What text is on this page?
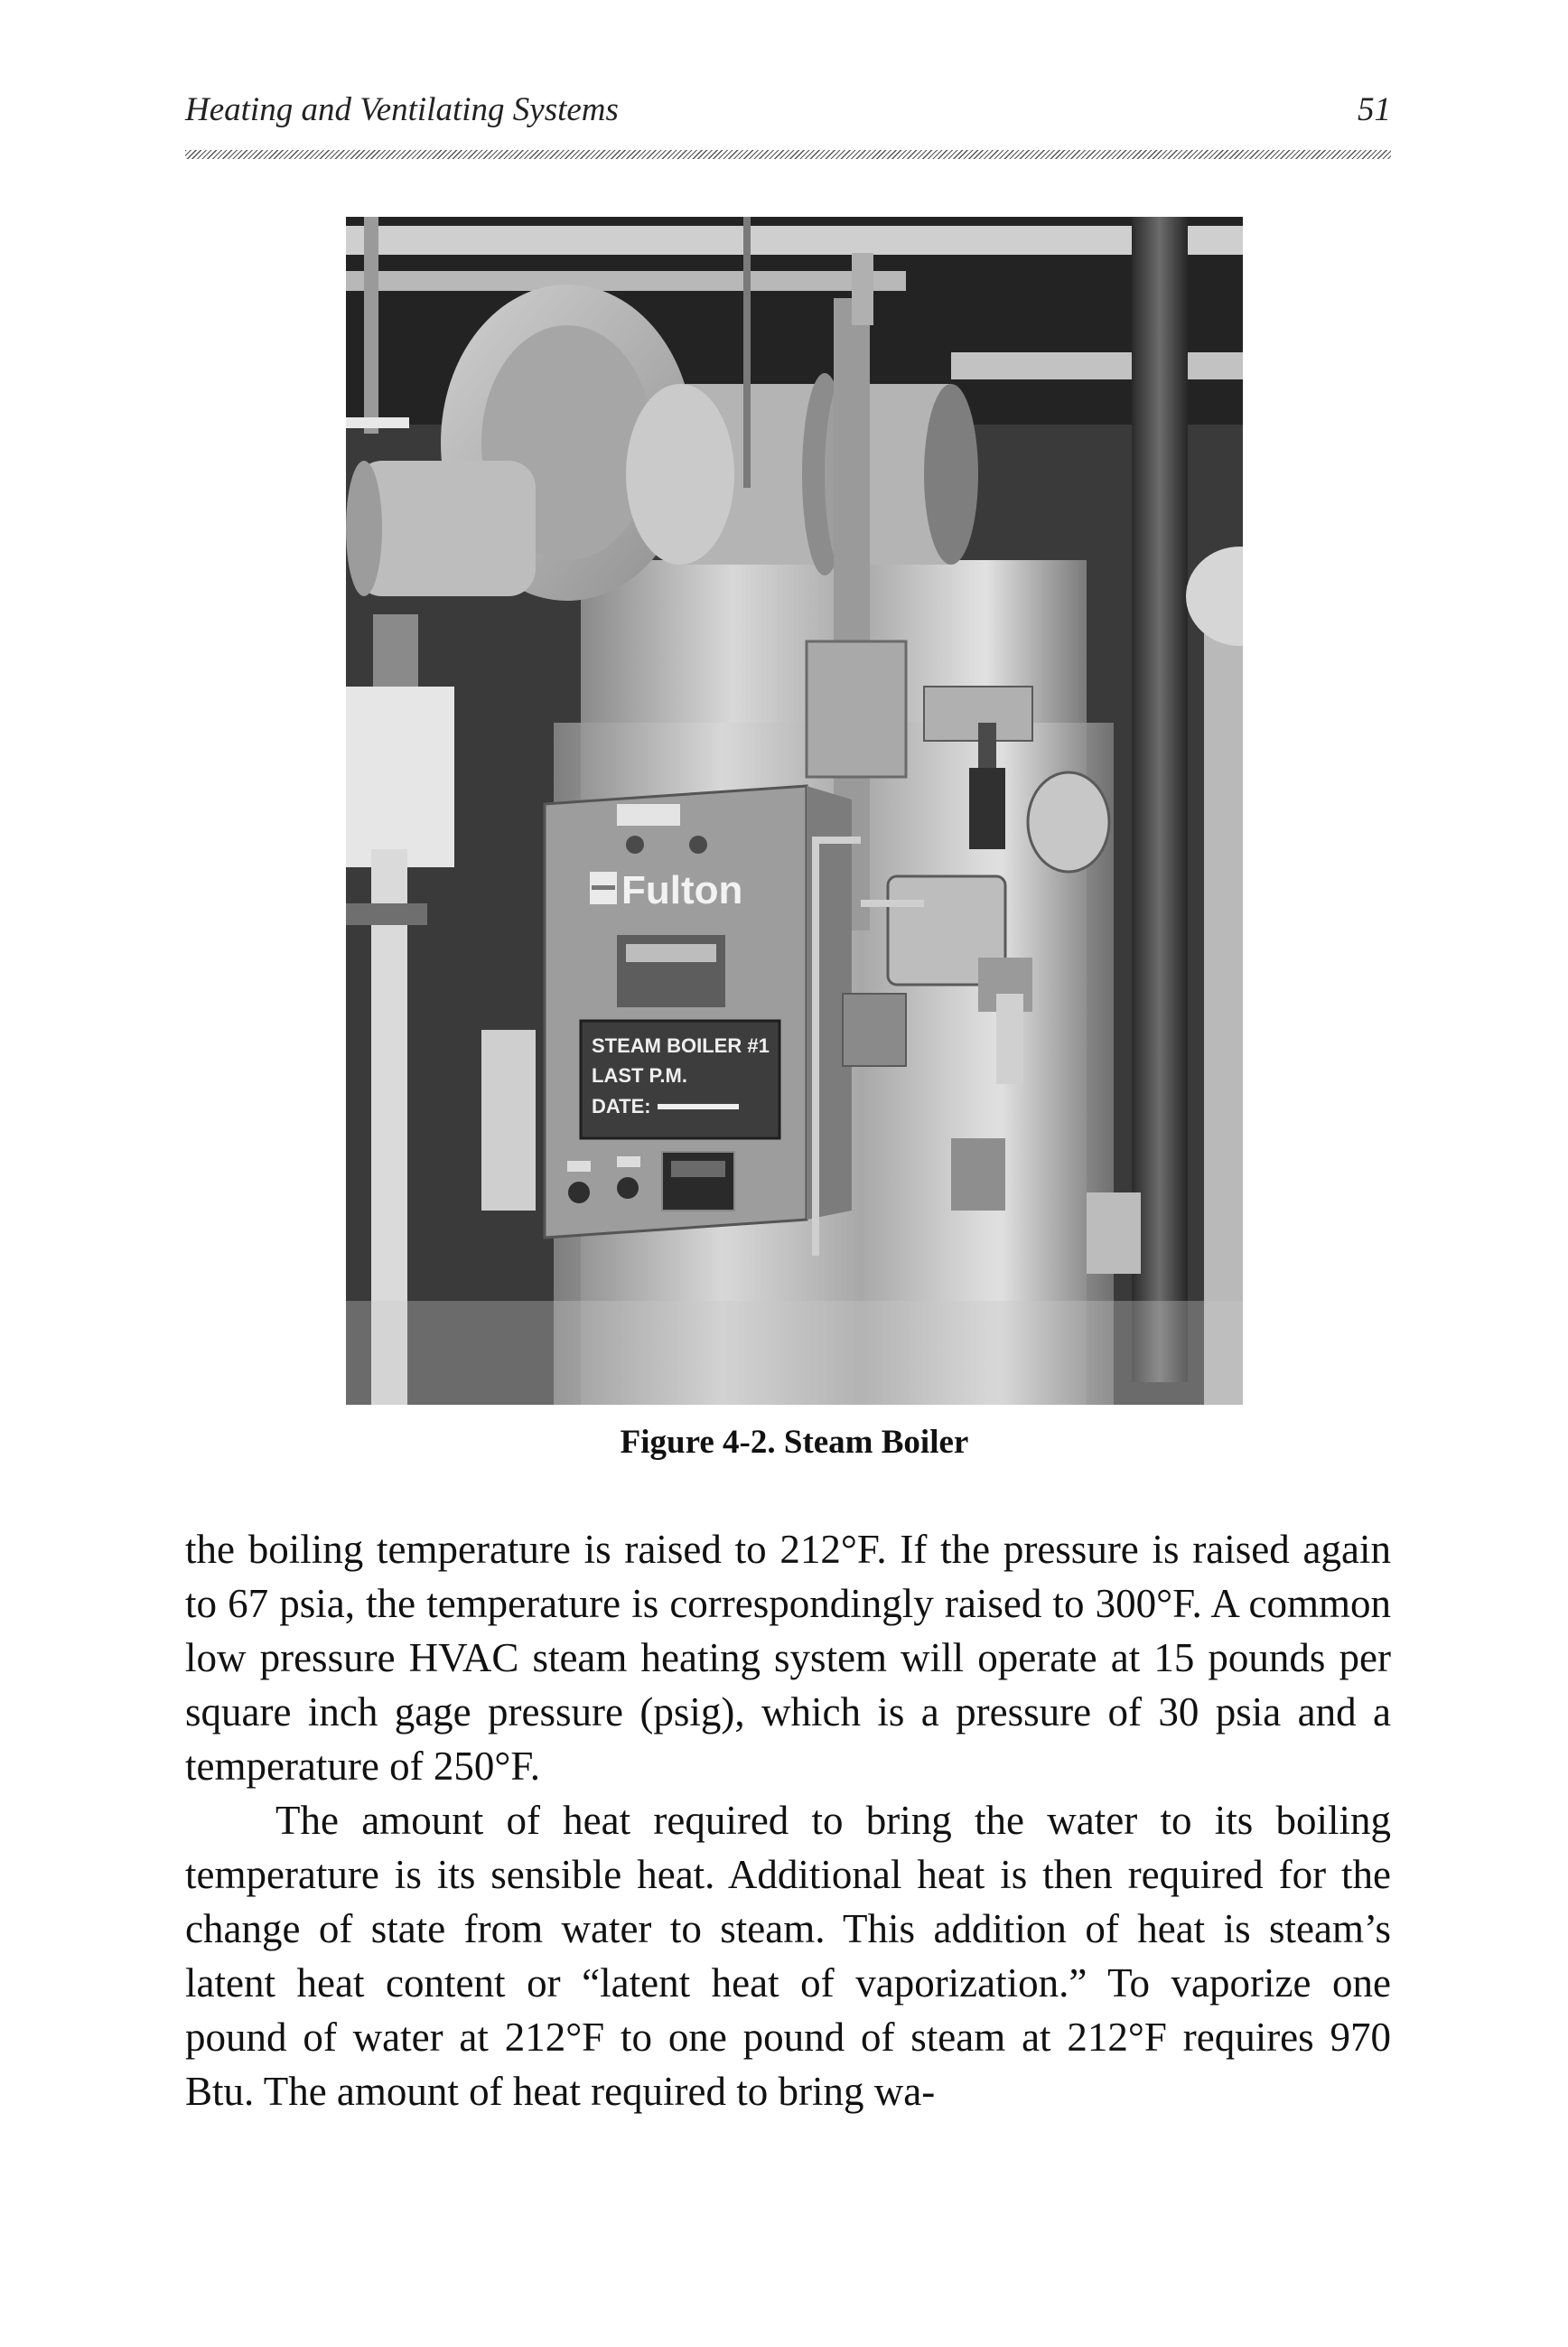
Heating and Ventilating Systems	51
Fulton
STEAM BOILER #1
LAST P.M.
DATE:
Figure 4-2. Steam Boiler

the boiling temperature is raised to 212°F. If the pressure is raised again to 67 psia, the temperature is correspondingly raised to 300°F. A common low pressure HVAC steam heating system will operate at 15 pounds per square inch gage pressure (psig), which is a pressure of 30 psia and a temperature of 250°F.

The amount of heat required to bring the water to its boiling temperature is its sensible heat. Additional heat is then required for the change of state from water to steam. This addition of heat is steam’s latent heat content or “latent heat of vaporization.” To vaporize one pound of water at 212°F to one pound of steam at 212°F requires 970 Btu. The amount of heat required to bring wa-
